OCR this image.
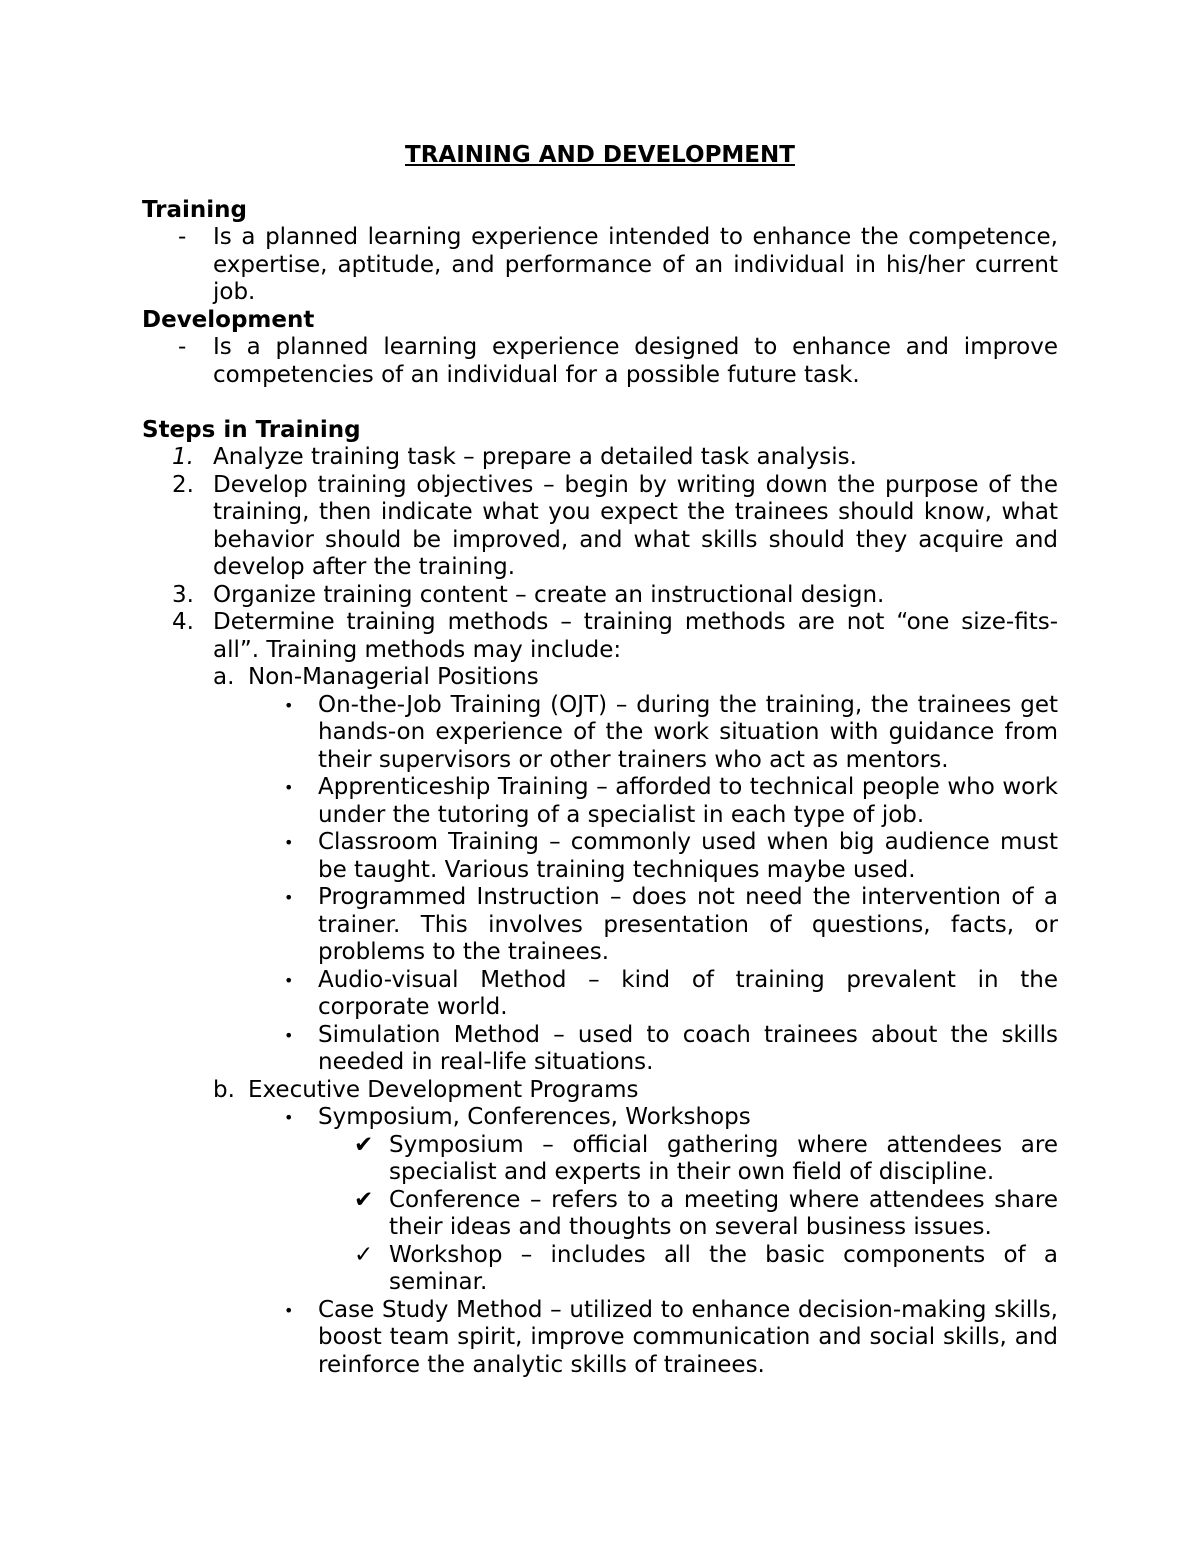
TRAINING AND DEVELOPMENT

Training

- Is a planned learning experience intended to enhance the competence, expertise, aptitude, and performance of an individual in his/her current job.

Development

- Is a planned learning experience designed to enhance and improve competencies of an individual for a possible future task.

Steps in Training

1. Analyze training task – prepare a detailed task analysis.
2. Develop training objectives – begin by writing down the purpose of the training, then indicate what you expect the trainees should know, what behavior should be improved, and what skills should they acquire and develop after the training.
3. Organize training content – create an instructional design.
4. Determine training methods – training methods are not “one size-fits-all”. Training methods may include:
a. Non-Managerial Positions
• On-the-Job Training (OJT) – during the training, the trainees get hands-on experience of the work situation with guidance from their supervisors or other trainers who act as mentors.
• Apprenticeship Training – afforded to technical people who work under the tutoring of a specialist in each type of job.
• Classroom Training – commonly used when big audience must be taught. Various training techniques maybe used.
• Programmed Instruction – does not need the intervention of a trainer. This involves presentation of questions, facts, or problems to the trainees.
• Audio-visual Method – kind of training prevalent in the corporate world.
• Simulation Method – used to coach trainees about the skills needed in real-life situations.
b. Executive Development Programs
• Symposium, Conferences, Workshops
✔ Symposium – official gathering where attendees are specialist and experts in their own field of discipline.
✔ Conference – refers to a meeting where attendees share their ideas and thoughts on several business issues.
✓ Workshop – includes all the basic components of a seminar.
• Case Study Method – utilized to enhance decision-making skills, boost team spirit, improve communication and social skills, and reinforce the analytic skills of trainees.
